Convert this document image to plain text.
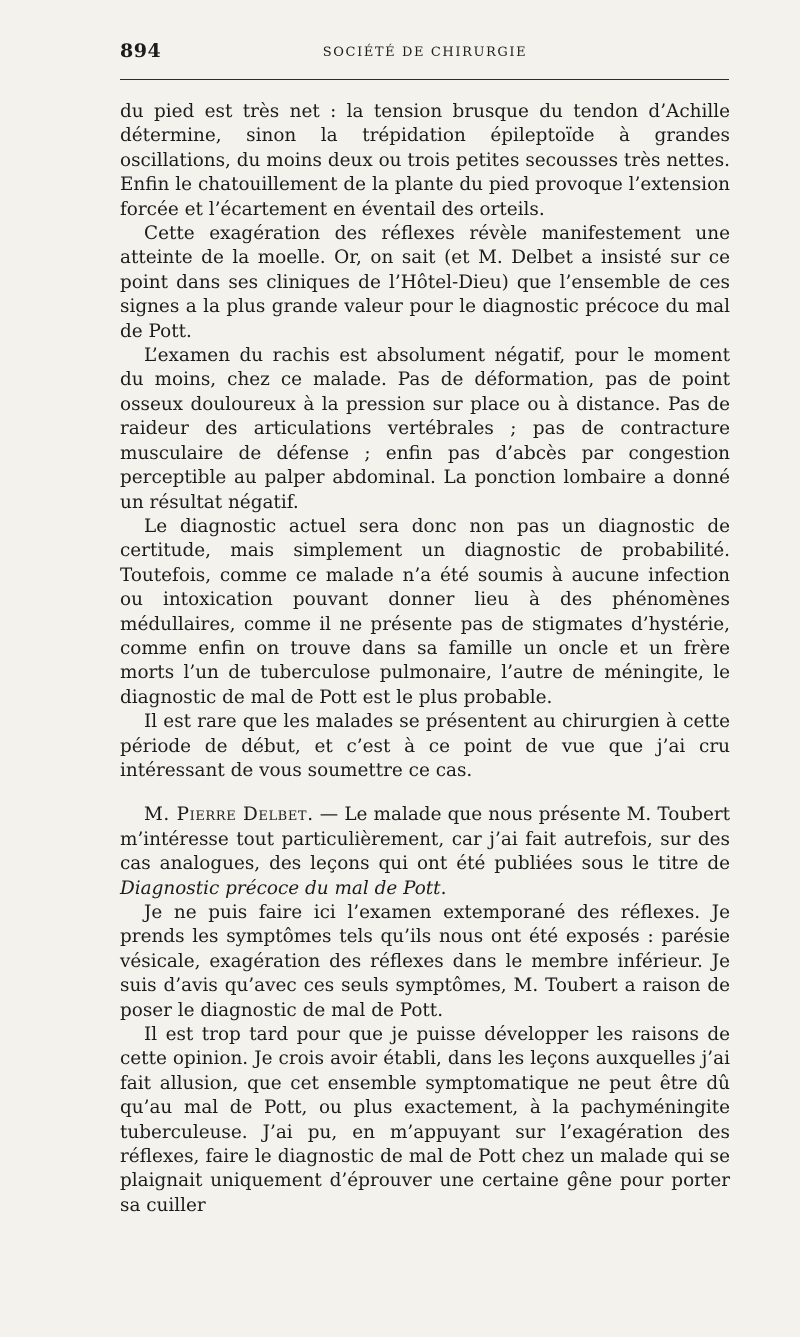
894	SOCIÉTÉ DE CHIRURGIE

du pied est très net : la tension brusque du tendon d’Achille détermine, sinon la trépidation épileptoïde à grandes oscillations, du moins deux ou trois petites secousses très nettes. Enfin le chatouillement de la plante du pied provoque l’extension forcée et l’écartement en éventail des orteils.

Cette exagération des réflexes révèle manifestement une atteinte de la moelle. Or, on sait (et M. Delbet a insisté sur ce point dans ses cliniques de l’Hôtel-Dieu) que l’ensemble de ces signes a la plus grande valeur pour le diagnostic précoce du mal de Pott.

L’examen du rachis est absolument négatif, pour le moment du moins, chez ce malade. Pas de déformation, pas de point osseux douloureux à la pression sur place ou à distance. Pas de raideur des articulations vertébrales ; pas de contracture musculaire de défense ; enfin pas d’abcès par congestion perceptible au palper abdominal. La ponction lombaire a donné un résultat négatif.

Le diagnostic actuel sera donc non pas un diagnostic de certitude, mais simplement un diagnostic de probabilité. Toutefois, comme ce malade n’a été soumis à aucune infection ou intoxication pouvant donner lieu à des phénomènes médullaires, comme il ne présente pas de stigmates d’hystérie, comme enfin on trouve dans sa famille un oncle et un frère morts l’un de tuberculose pulmonaire, l’autre de méningite, le diagnostic de mal de Pott est le plus probable.

Il est rare que les malades se présentent au chirurgien à cette période de début, et c’est à ce point de vue que j’ai cru intéressant de vous soumettre ce cas.

M. Pierre Delbet. — Le malade que nous présente M. Toubert m’intéresse tout particulièrement, car j’ai fait autrefois, sur des cas analogues, des leçons qui ont été publiées sous le titre de Diagnostic précoce du mal de Pott.

Je ne puis faire ici l’examen extemporané des réflexes. Je prends les symptômes tels qu’ils nous ont été exposés : parésie vésicale, exagération des réflexes dans le membre inférieur. Je suis d’avis qu’avec ces seuls symptômes, M. Toubert a raison de poser le diagnostic de mal de Pott.

Il est trop tard pour que je puisse développer les raisons de cette opinion. Je crois avoir établi, dans les leçons auxquelles j’ai fait allusion, que cet ensemble symptomatique ne peut être dû qu’au mal de Pott, ou plus exactement, à la pachyméningite tuberculeuse. J’ai pu, en m’appuyant sur l’exagération des réflexes, faire le diagnostic de mal de Pott chez un malade qui se plaignait uniquement d’éprouver une certaine gêne pour porter sa cuiller
